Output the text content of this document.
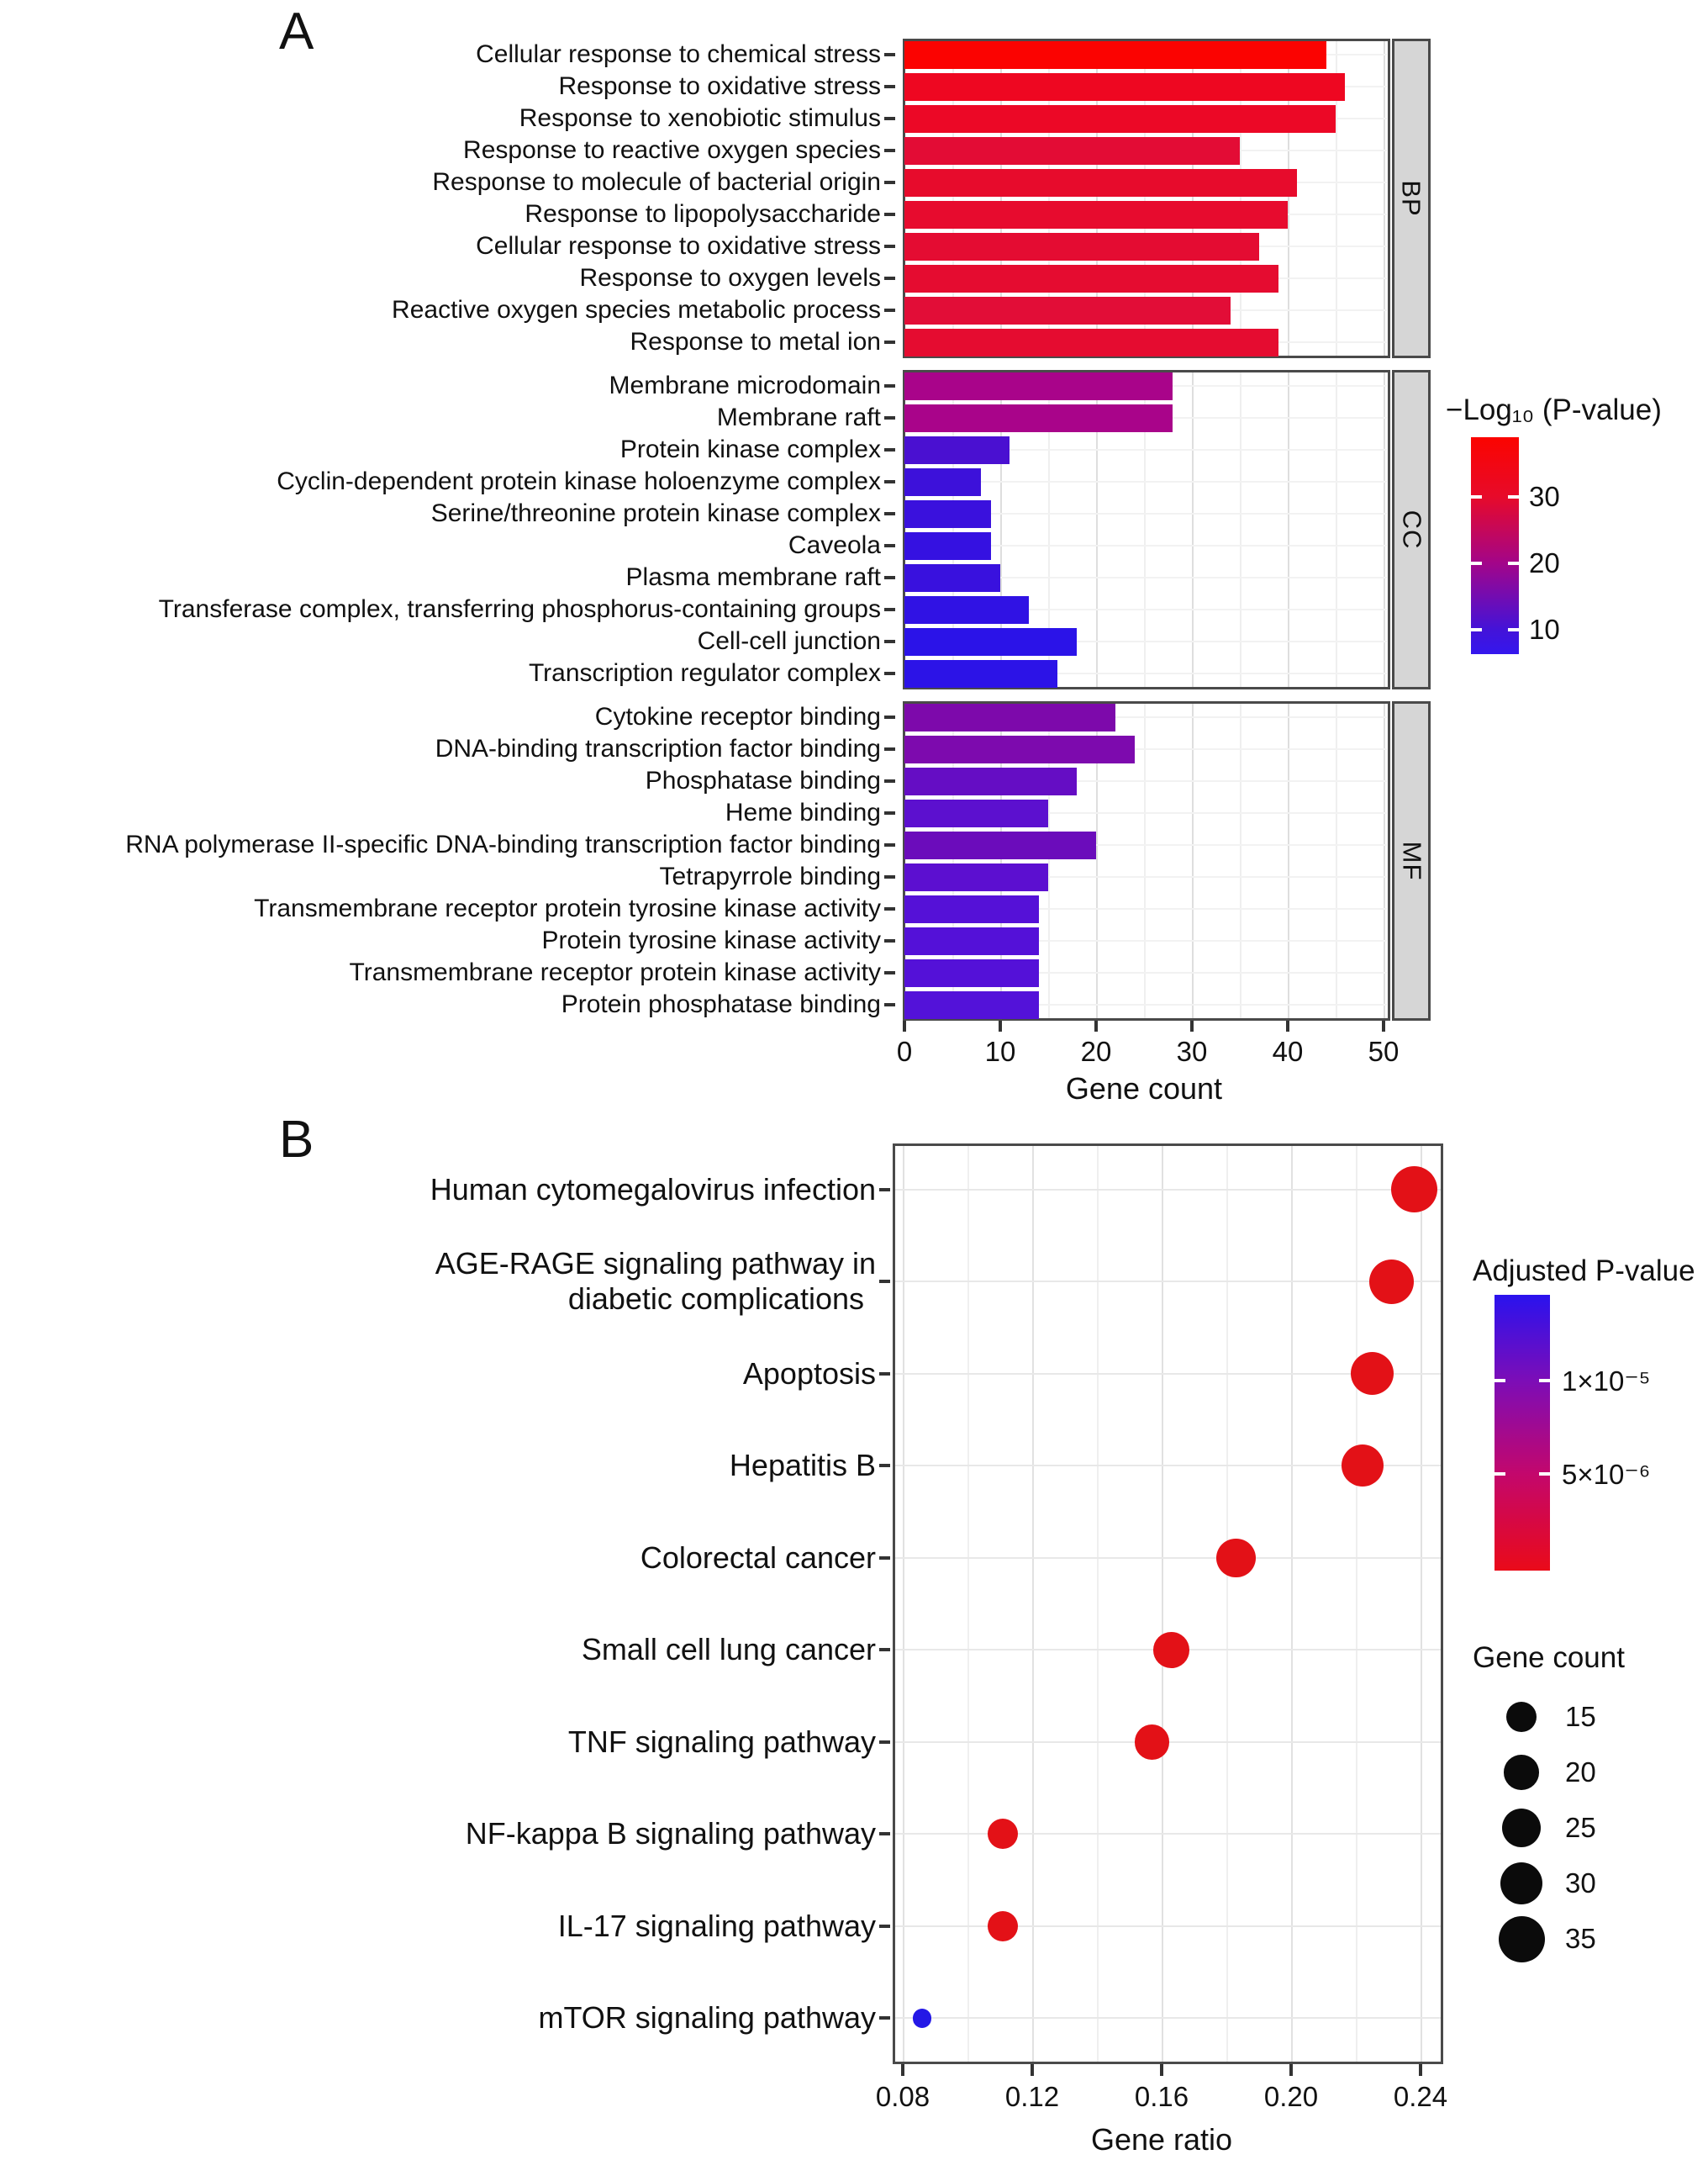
A
B
Cellular response to chemical stress
Response to oxidative stress
Response to xenobiotic stimulus
Response to reactive oxygen species
Response to molecule of bacterial origin
Response to lipopolysaccharide
Cellular response to oxidative stress
Response to oxygen levels
Reactive oxygen species metabolic process
Response to metal ion
BP
Membrane microdomain
Membrane raft
Protein kinase complex
Cyclin-dependent protein kinase holoenzyme complex
Serine/threonine protein kinase complex
Caveola
Plasma membrane raft
Transferase complex, transferring phosphorus-containing groups
Cell-cell junction
Transcription regulator complex
CC
Cytokine receptor binding
DNA-binding transcription factor binding
Phosphatase binding
Heme binding
RNA polymerase II-specific DNA-binding transcription factor binding
Tetrapyrrole binding
Transmembrane receptor protein tyrosine kinase activity
Protein tyrosine kinase activity
Transmembrane receptor protein kinase activity
Protein phosphatase binding
MF
0	10	20	30	40	50
Human cytomegalovirus infection
AGE-RAGE signaling pathway in
diabetic complications
Apoptosis
Hepatitis B
Colorectal cancer
Small cell lung cancer
TNF signaling pathway
NF-kappa B signaling pathway
IL-17 signaling pathway
mTOR signaling pathway
0.08	0.12	0.16	0.20	0.24
Gene count
Gene ratio
−Log₁₀ (P-value)
30
20
10
Adjusted P-value
1×10⁻⁵
5×10⁻⁶
Gene count
15
20
25
30
35
